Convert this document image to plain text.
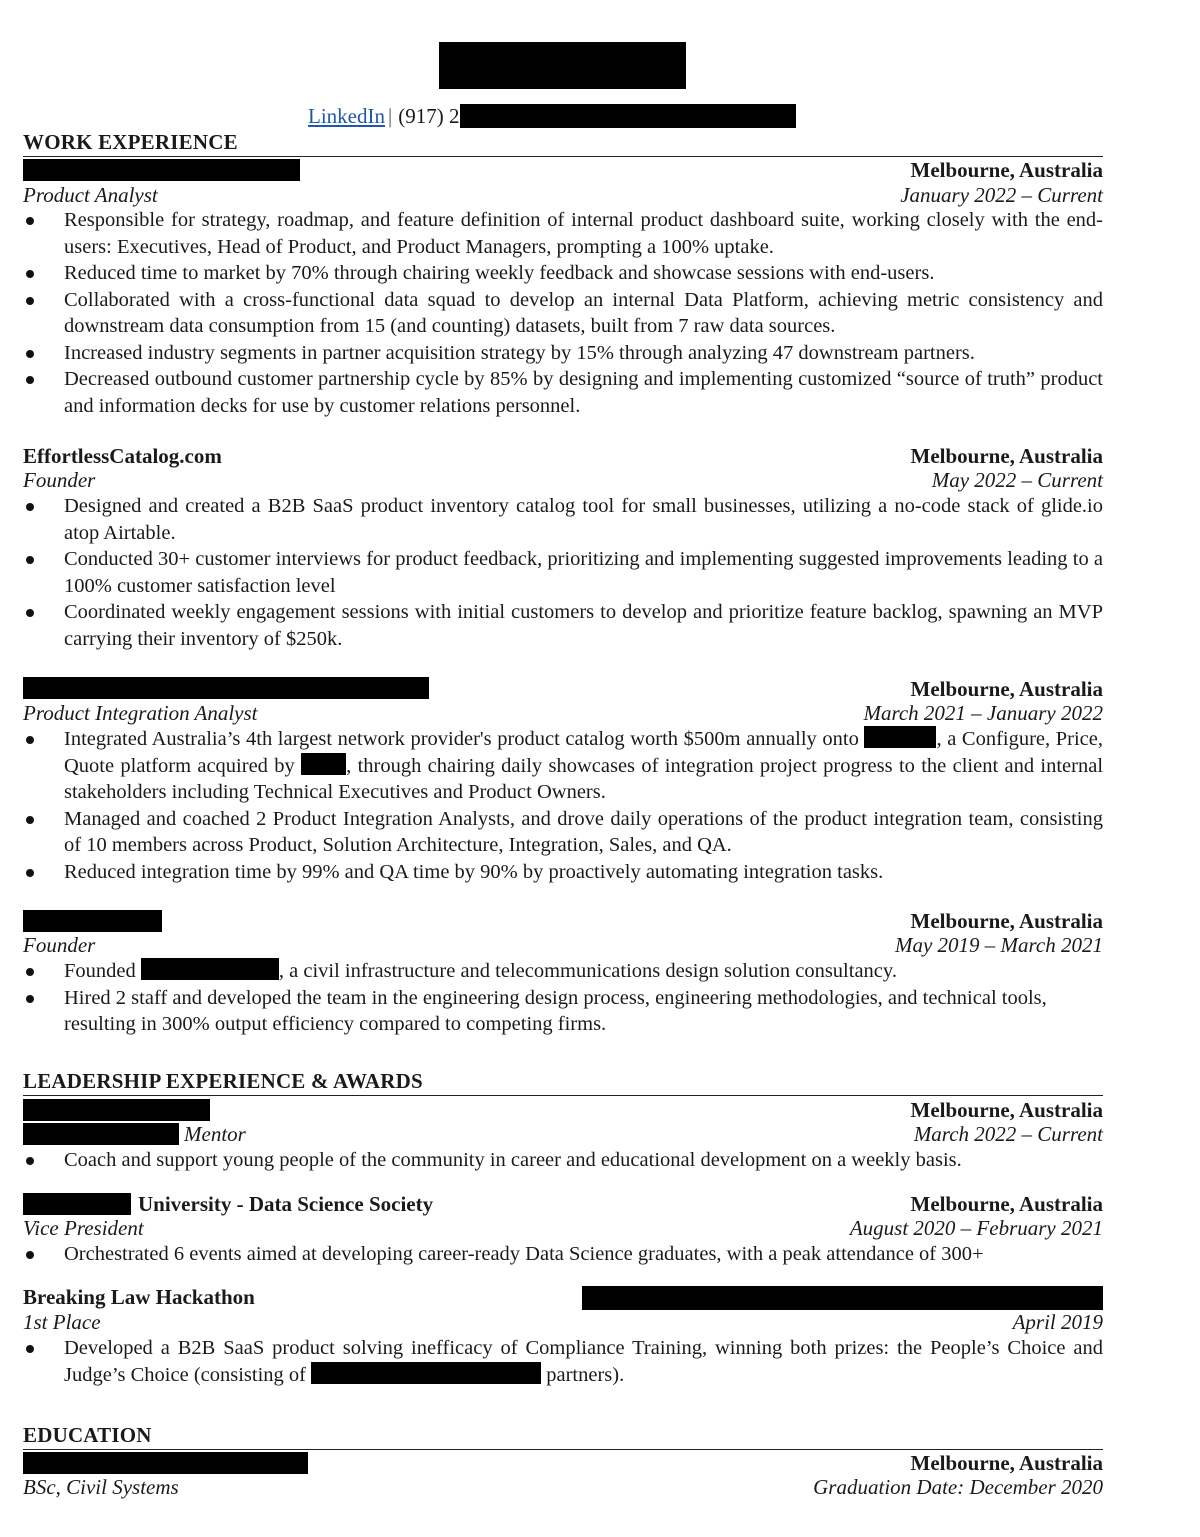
LinkedIn | (917) 2
WORK EXPERIENCE
Melbourne, Australia
Product Analyst	January 2022 – Current
Responsible for strategy, roadmap, and feature definition of internal product dashboard suite, working closely with the end-users: Executives, Head of Product, and Product Managers, prompting a 100% uptake.
Reduced time to market by 70% through chairing weekly feedback and showcase sessions with end-users.
Collaborated with a cross-functional data squad to develop an internal Data Platform, achieving metric consistency and downstream data consumption from 15 (and counting) datasets, built from 7 raw data sources.
Increased industry segments in partner acquisition strategy by 15% through analyzing 47 downstream partners.
Decreased outbound customer partnership cycle by 85% by designing and implementing customized “source of truth” product and information decks for use by customer relations personnel.
EffortlessCatalog.com	Melbourne, Australia
Founder	May 2022 – Current
Designed and created a B2B SaaS product inventory catalog tool for small businesses, utilizing a no-code stack of glide.io atop Airtable.
Conducted 30+ customer interviews for product feedback, prioritizing and implementing suggested improvements leading to a 100% customer satisfaction level
Coordinated weekly engagement sessions with initial customers to develop and prioritize feature backlog, spawning an MVP carrying their inventory of $250k.
Melbourne, Australia
Product Integration Analyst	March 2021 – January 2022
Integrated Australia’s 4th largest network provider's product catalog worth $500m annually onto	, a Configure, Price, Quote platform acquired by	, through chairing daily showcases of integration project progress to the client and internal stakeholders including Technical Executives and Product Owners.
Managed and coached 2 Product Integration Analysts, and drove daily operations of the product integration team, consisting of 10 members across Product, Solution Architecture, Integration, Sales, and QA.
Reduced integration time by 99% and QA time by 90% by proactively automating integration tasks.
Melbourne, Australia
Founder	May 2019 – March 2021
Founded	, a civil infrastructure and telecommunications design solution consultancy.
Hired 2 staff and developed the team in the engineering design process, engineering methodologies, and technical tools, resulting in 300% output efficiency compared to competing firms.
LEADERSHIP EXPERIENCE & AWARDS
Melbourne, Australia
Mentor	March 2022 – Current
Coach and support young people of the community in career and educational development on a weekly basis.
University - Data Science Society	Melbourne, Australia
Vice President	August 2020 – February 2021
Orchestrated 6 events aimed at developing career-ready Data Science graduates, with a peak attendance of 300+
Breaking Law Hackathon
1st Place	April 2019
Developed a B2B SaaS product solving inefficacy of Compliance Training, winning both prizes: the People’s Choice and Judge’s Choice (consisting of	partners).
EDUCATION
Melbourne, Australia
BSc, Civil Systems	Graduation Date: December 2020
